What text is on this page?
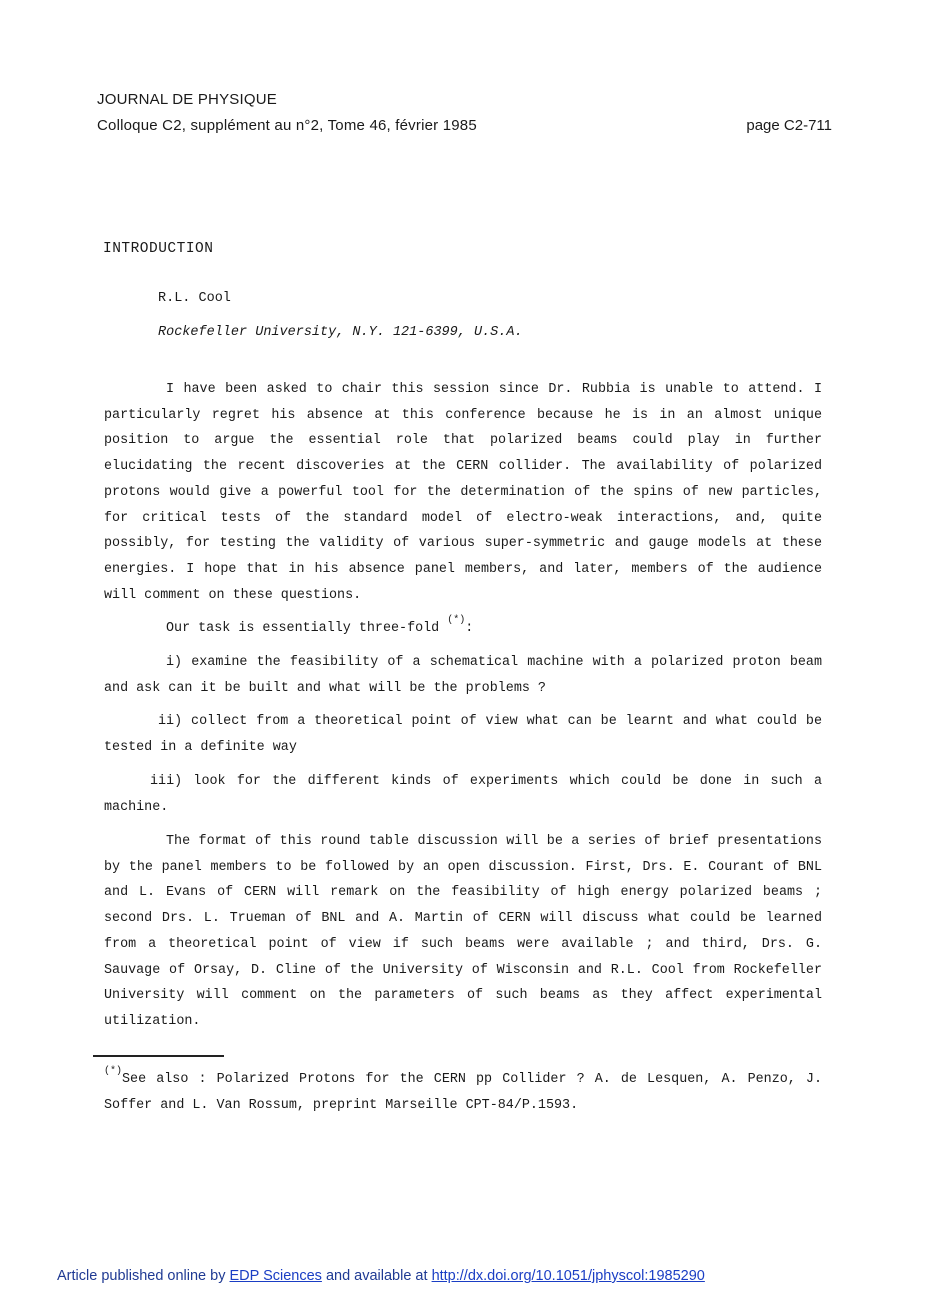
JOURNAL DE PHYSIQUE
Colloque C2, supplément au n°2, Tome 46, février 1985	page C2-711
INTRODUCTION
R.L. Cool
Rockefeller University, N.Y. 121-6399, U.S.A.
I have been asked to chair this session since Dr. Rubbia is unable to attend. I particularly regret his absence at this conference because he is in an almost unique position to argue the essential role that polarized beams could play in further elucidating the recent discoveries at the CERN collider. The availability of polarized protons would give a powerful tool for the determination of the spins of new particles, for critical tests of the standard model of electro-weak interactions, and, quite possibly, for testing the validity of various super-symmetric and gauge models at these energies. I hope that in his absence panel members, and later, members of the audience will comment on these questions.
Our task is essentially three-fold (*):
i) examine the feasibility of a schematical machine with a polarized proton beam and ask can it be built and what will be the problems ?
ii) collect from a theoretical point of view what can be learnt and what could be tested in a definite way
iii) look for the different kinds of experiments which could be done in such a machine.
The format of this round table discussion will be a series of brief presentations by the panel members to be followed by an open discussion. First, Drs. E. Courant of BNL and L. Evans of CERN will remark on the feasibility of high energy polarized beams ; second Drs. L. Trueman of BNL and A. Martin of CERN will discuss what could be learned from a theoretical point of view if such beams were available ; and third, Drs. G. Sauvage of Orsay, D. Cline of the University of Wisconsin and R.L. Cool from Rockefeller University will comment on the parameters of such beams as they affect experimental utilization.
(*)See also : Polarized Protons for the CERN pp Collider ? A. de Lesquen, A. Penzo, J. Soffer and L. Van Rossum, preprint Marseille CPT-84/P.1593.
Article published online by EDP Sciences and available at http://dx.doi.org/10.1051/jphyscol:1985290
